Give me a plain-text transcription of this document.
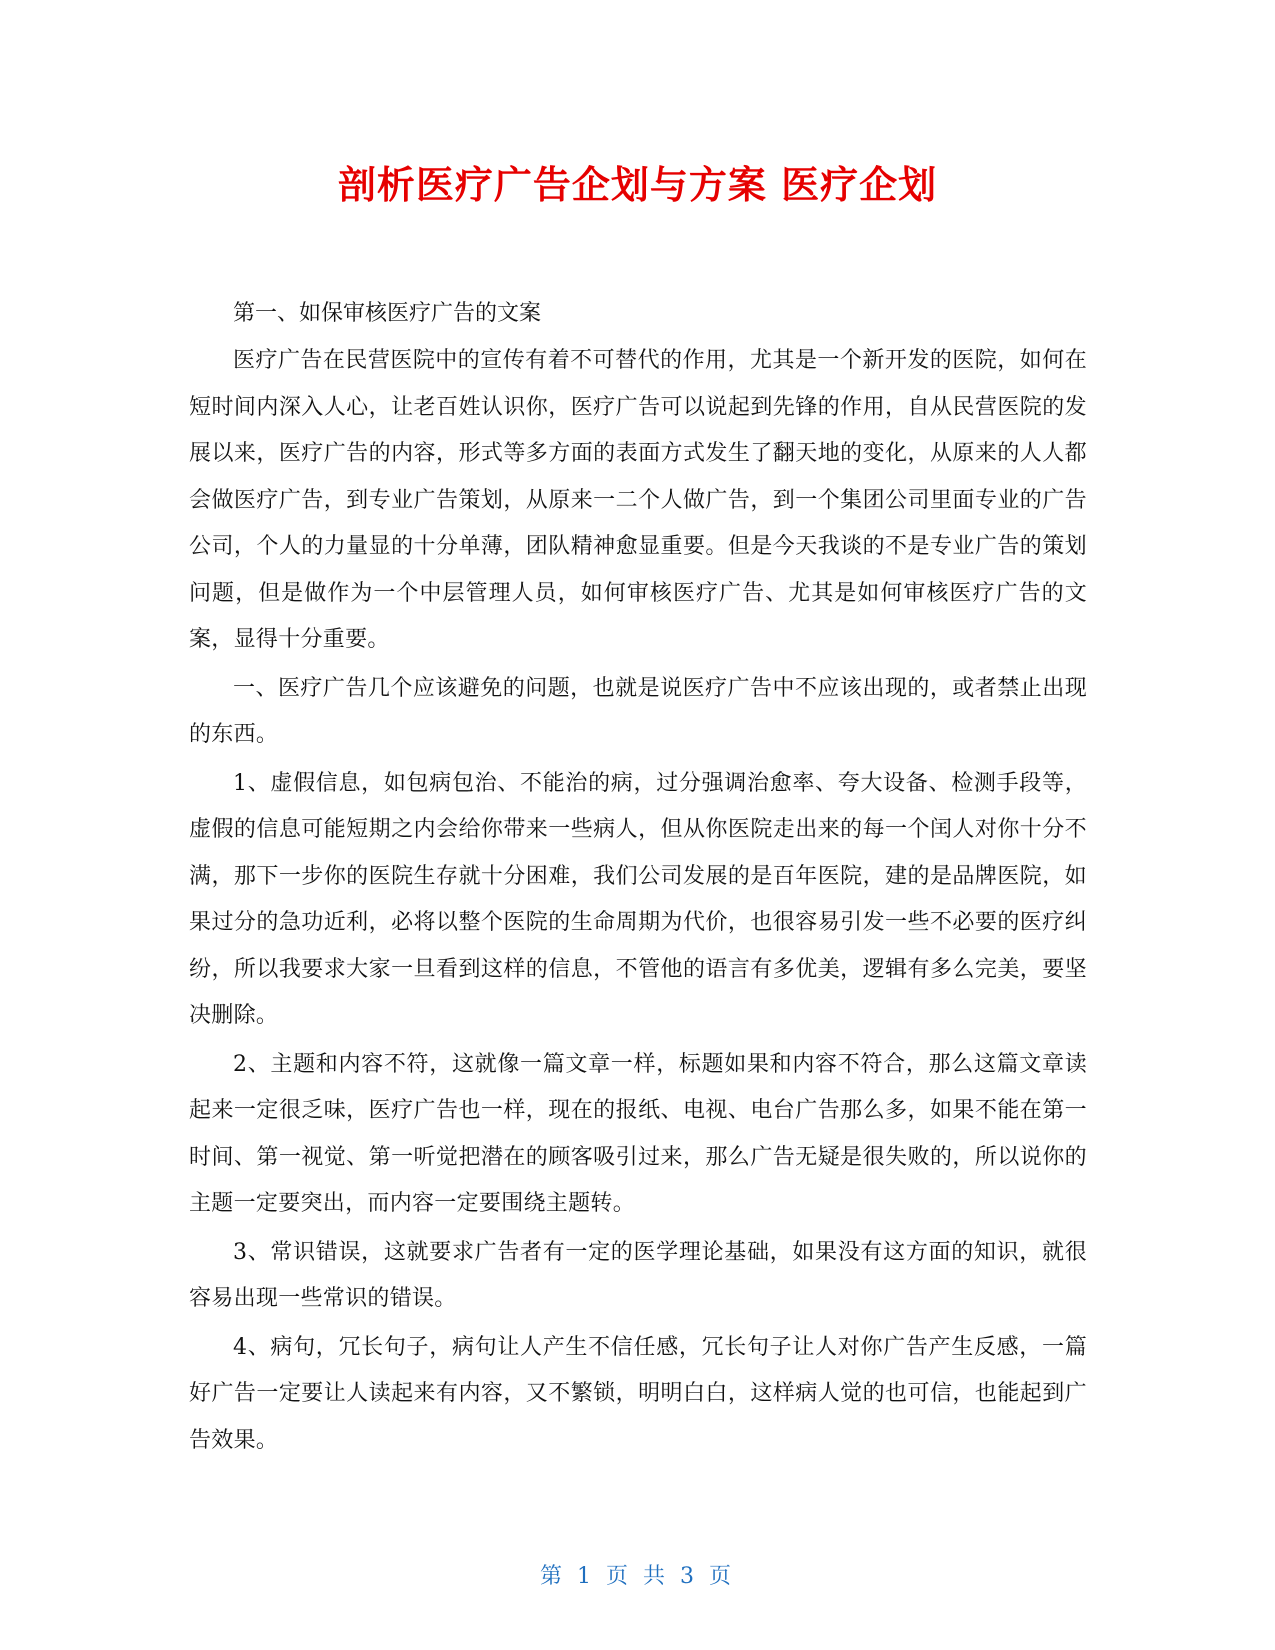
剖析医疗广告企划与方案 医疗企划

第一、如保审核医疗广告的文案

医疗广告在民营医院中的宣传有着不可替代的作用，尤其是一个新开发的医院，如何在短时间内深入人心，让老百姓认识你，医疗广告可以说起到先锋的作用，自从民营医院的发展以来，医疗广告的内容，形式等多方面的表面方式发生了翻天地的变化，从原来的人人都会做医疗广告，到专业广告策划，从原来一二个人做广告，到一个集团公司里面专业的广告公司，个人的力量显的十分单薄，团队精神愈显重要。但是今天我谈的不是专业广告的策划问题，但是做作为一个中层管理人员，如何审核医疗广告、尤其是如何审核医疗广告的文案，显得十分重要。

一、医疗广告几个应该避免的问题，也就是说医疗广告中不应该出现的，或者禁止出现的东西。

1、虚假信息，如包病包治、不能治的病，过分强调治愈率、夸大设备、检测手段等，虚假的信息可能短期之内会给你带来一些病人，但从你医院走出来的每一个闰人对你十分不满，那下一步你的医院生存就十分困难，我们公司发展的是百年医院，建的是品牌医院，如果过分的急功近利，必将以整个医院的生命周期为代价，也很容易引发一些不必要的医疗纠纷，所以我要求大家一旦看到这样的信息，不管他的语言有多优美，逻辑有多么完美，要坚决删除。

2、主题和内容不符，这就像一篇文章一样，标题如果和内容不符合，那么这篇文章读起来一定很乏味，医疗广告也一样，现在的报纸、电视、电台广告那么多，如果不能在第一时间、第一视觉、第一听觉把潜在的顾客吸引过来，那么广告无疑是很失败的，所以说你的主题一定要突出，而内容一定要围绕主题转。

3、常识错误，这就要求广告者有一定的医学理论基础，如果没有这方面的知识，就很容易出现一些常识的错误。

4、病句，冗长句子，病句让人产生不信任感，冗长句子让人对你广告产生反感，一篇好广告一定要让人读起来有内容，又不繁锁，明明白白，这样病人觉的也可信，也能起到广告效果。

第 1 页 共 3 页
